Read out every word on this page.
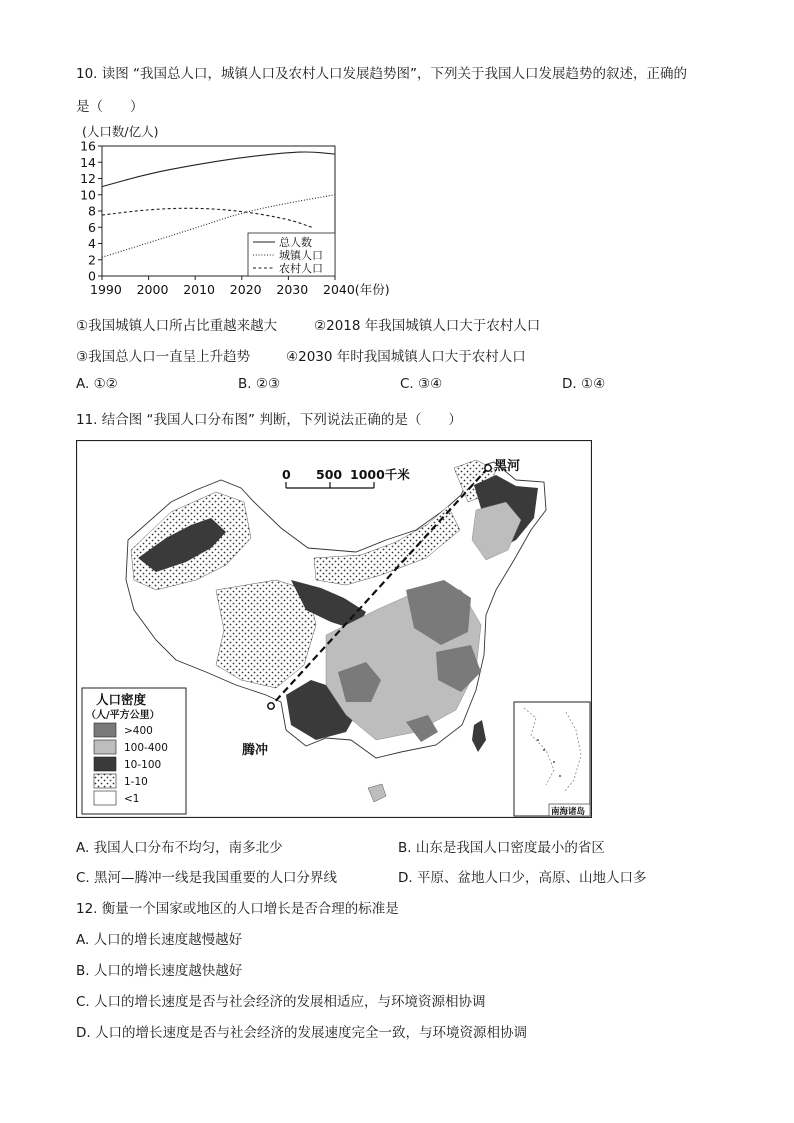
10. 读图 “我国总人口，城镇人口及农村人口发展趋势图”，下列关于我国人口发展趋势的叙述，正确的
是（　　）
(人口数/亿人)
0
2
4
6
8
10
12
14
16
1990 2000 2010 2020 2030 2040(年份)
总人数
城镇人口
农村人口
①我国城镇人口所占比重越来越大	②2018 年我国城镇人口大于农村人口
③我国总人口一直呈上升趋势	④2030 年时我国城镇人口大于农村人口
A. ①②	B. ②③	C. ③④	D. ①④
11. 结合图 “我国人口分布图” 判断，下列说法正确的是（　　）
黑河
腾冲
0 500 1000千米
人口密度
（人/平方公里）
>400
100-400
10-100
1-10
<1
南海诸岛
A. 我国人口分布不均匀，南多北少	B. 山东是我国人口密度最小的省区
C. 黑河—腾冲一线是我国重要的人口分界线	D. 平原、盆地人口少，高原、山地人口多
12. 衡量一个国家或地区的人口增长是否合理的标准是
A. 人口的增长速度越慢越好
B. 人口的增长速度越快越好
C. 人口的增长速度是否与社会经济的发展相适应，与环境资源相协调
D. 人口的增长速度是否与社会经济的发展速度完全一致，与环境资源相协调
